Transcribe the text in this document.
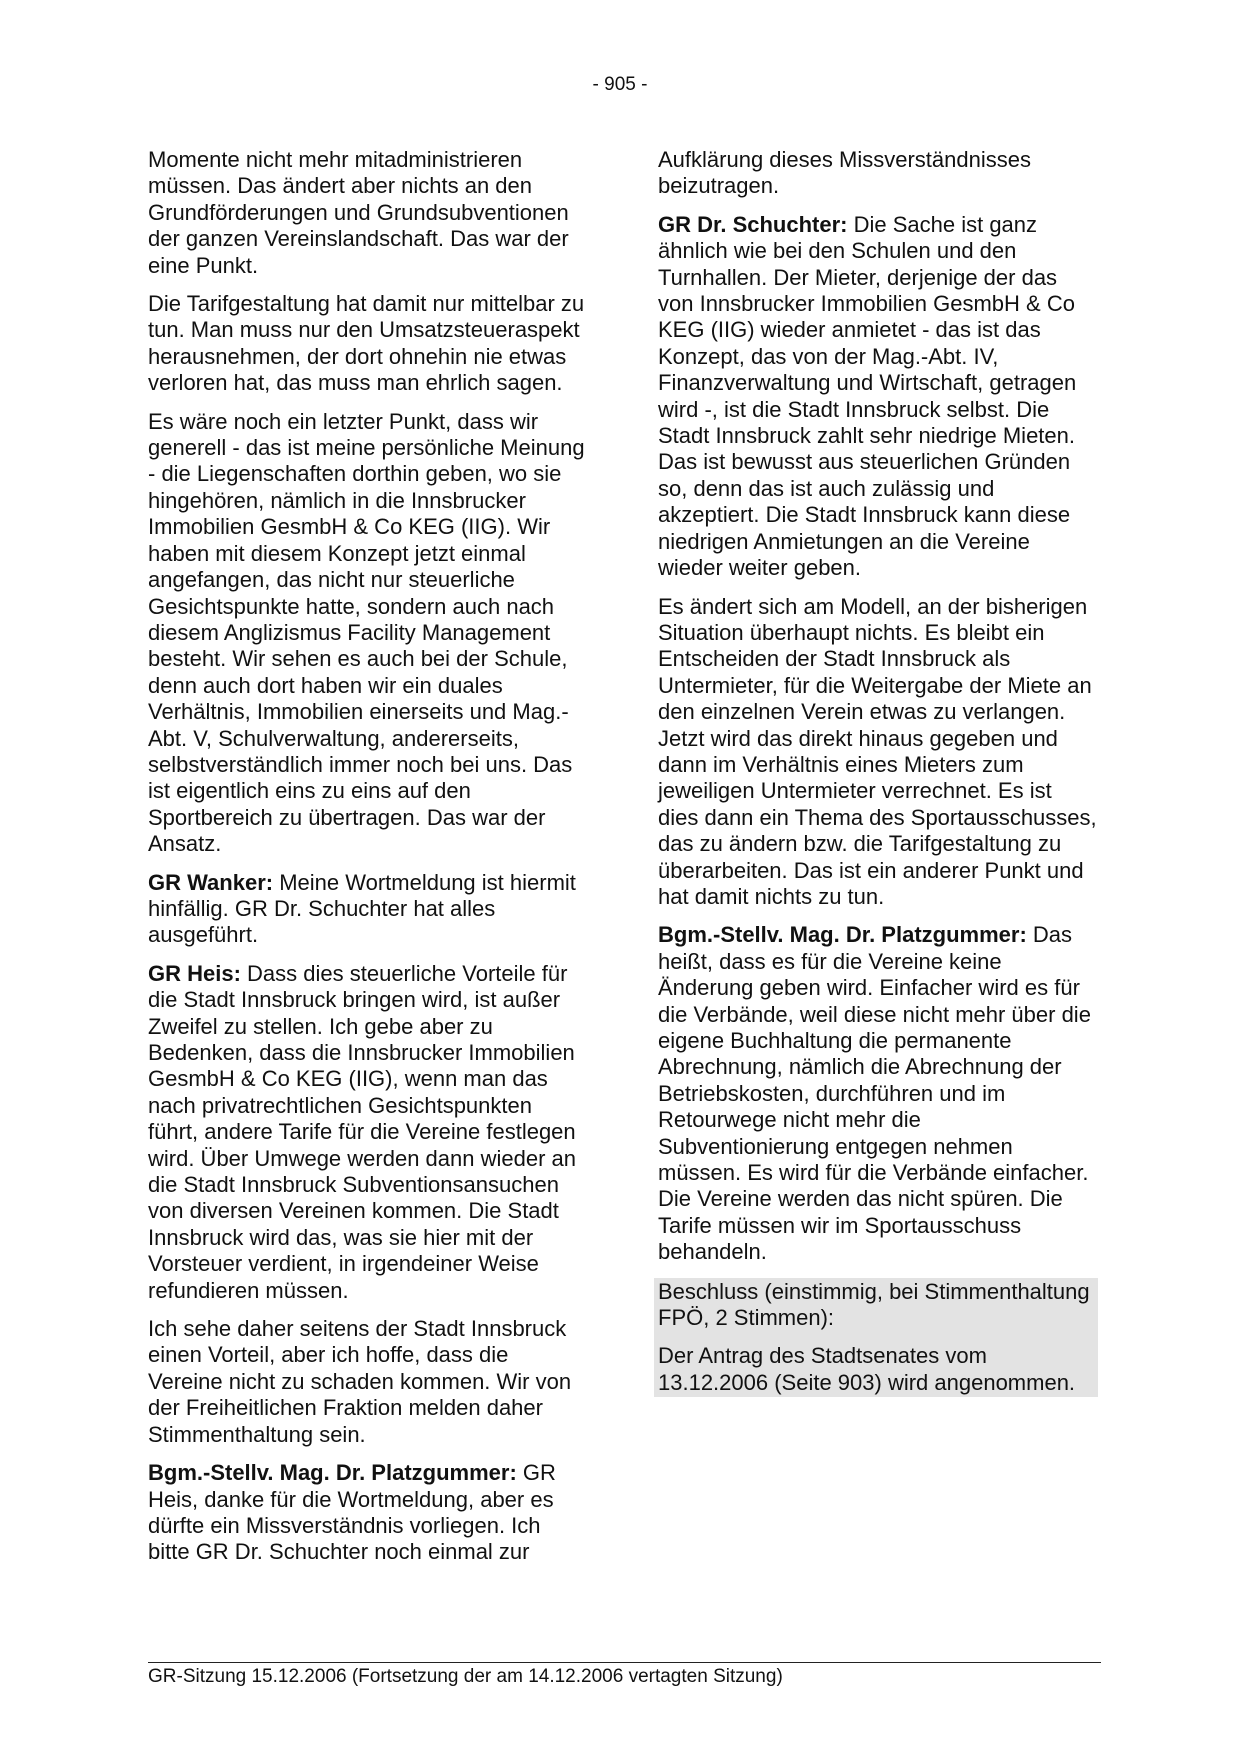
- 905 -

Momente nicht mehr mitadministrieren müssen. Das ändert aber nichts an den Grundförderungen und Grundsubventionen der ganzen Vereinslandschaft. Das war der eine Punkt.

Die Tarifgestaltung hat damit nur mittelbar zu tun. Man muss nur den Umsatzsteueraspekt herausnehmen, der dort ohnehin nie etwas verloren hat, das muss man ehrlich sagen.

Es wäre noch ein letzter Punkt, dass wir generell - das ist meine persönliche Meinung - die Liegenschaften dorthin geben, wo sie hingehören, nämlich in die Innsbrucker Immobilien GesmbH & Co KEG (IIG). Wir haben mit diesem Konzept jetzt einmal angefangen, das nicht nur steuerliche Gesichtspunkte hatte, sondern auch nach diesem Anglizismus Facility Management besteht. Wir sehen es auch bei der Schule, denn auch dort haben wir ein duales Verhältnis, Immobilien einerseits und Mag.-Abt. V, Schulverwaltung, andererseits, selbstverständlich immer noch bei uns. Das ist eigentlich eins zu eins auf den Sportbereich zu übertragen. Das war der Ansatz.

GR Wanker: Meine Wortmeldung ist hiermit hinfällig. GR Dr. Schuchter hat alles ausgeführt.

GR Heis: Dass dies steuerliche Vorteile für die Stadt Innsbruck bringen wird, ist außer Zweifel zu stellen. Ich gebe aber zu Bedenken, dass die Innsbrucker Immobilien GesmbH & Co KEG (IIG), wenn man das nach privatrechtlichen Gesichtspunkten führt, andere Tarife für die Vereine festlegen wird. Über Umwege werden dann wieder an die Stadt Innsbruck Subventionsansuchen von diversen Vereinen kommen. Die Stadt Innsbruck wird das, was sie hier mit der Vorsteuer verdient, in irgendeiner Weise refundieren müssen.

Ich sehe daher seitens der Stadt Innsbruck einen Vorteil, aber ich hoffe, dass die Vereine nicht zu schaden kommen. Wir von der Freiheitlichen Fraktion melden daher Stimmenthaltung sein.

Bgm.-Stellv. Mag. Dr. Platzgummer: GR Heis, danke für die Wortmeldung, aber es dürfte ein Missverständnis vorliegen. Ich bitte GR Dr. Schuchter noch einmal zur

Aufklärung dieses Missverständnisses beizutragen.

GR Dr. Schuchter: Die Sache ist ganz ähnlich wie bei den Schulen und den Turnhallen. Der Mieter, derjenige der das von Innsbrucker Immobilien GesmbH & Co KEG (IIG) wieder anmietet - das ist das Konzept, das von der Mag.-Abt. IV, Finanzverwaltung und Wirtschaft, getragen wird -, ist die Stadt Innsbruck selbst. Die Stadt Innsbruck zahlt sehr niedrige Mieten. Das ist bewusst aus steuerlichen Gründen so, denn das ist auch zulässig und akzeptiert. Die Stadt Innsbruck kann diese niedrigen Anmietungen an die Vereine wieder weiter geben.

Es ändert sich am Modell, an der bisherigen Situation überhaupt nichts. Es bleibt ein Entscheiden der Stadt Innsbruck als Untermieter, für die Weitergabe der Miete an den einzelnen Verein etwas zu verlangen. Jetzt wird das direkt hinaus gegeben und dann im Verhältnis eines Mieters zum jeweiligen Untermieter verrechnet. Es ist dies dann ein Thema des Sportausschusses, das zu ändern bzw. die Tarifgestaltung zu überarbeiten. Das ist ein anderer Punkt und hat damit nichts zu tun.

Bgm.-Stellv. Mag. Dr. Platzgummer: Das heißt, dass es für die Vereine keine Änderung geben wird. Einfacher wird es für die Verbände, weil diese nicht mehr über die eigene Buchhaltung die permanente Abrechnung, nämlich die Abrechnung der Betriebskosten, durchführen und im Retourwege nicht mehr die Subventionierung entgegen nehmen müssen. Es wird für die Verbände einfacher. Die Vereine werden das nicht spüren. Die Tarife müssen wir im Sportausschuss behandeln.

Beschluss (einstimmig, bei Stimmenthaltung FPÖ, 2 Stimmen):

Der Antrag des Stadtsenates vom 13.12.2006 (Seite 903) wird angenommen.

GR-Sitzung 15.12.2006 (Fortsetzung der am 14.12.2006 vertagten Sitzung)
